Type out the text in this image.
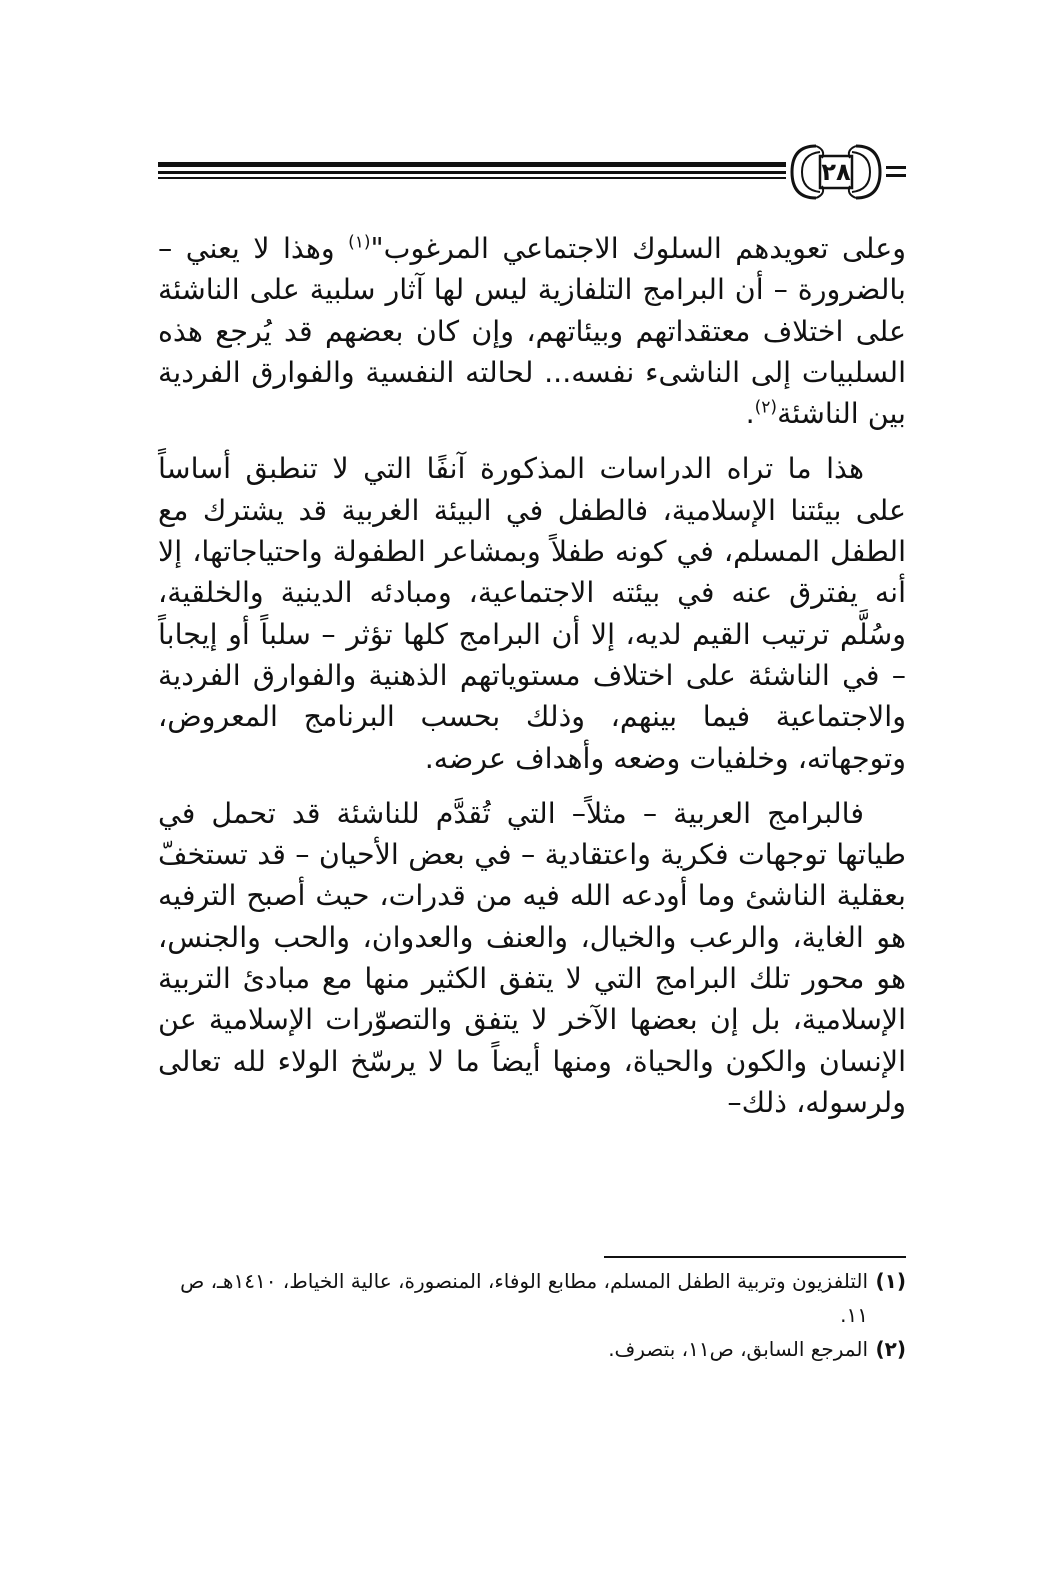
٢٨

وعلى تعويدهم السلوك الاجتماعي المرغوب"$^{(١)}$ وهذا لا يعني – بالضرورة – أن البرامج التلفازية ليس لها آثار سلبية على الناشئة على اختلاف معتقداتهم وبيئاتهم، وإن كان بعضهم قد يُرجع هذه السلبيات إلى الناشىء نفسه... لحالته النفسية والفوارق الفردية بين الناشئة$^{(٢)}$.

هذا ما تراه الدراسات المذكورة آنفًا التي لا تنطبق أساساً على بيئتنا الإسلامية، فالطفل في البيئة الغربية قد يشترك مع الطفل المسلم، في كونه طفلاً وبمشاعر الطفولة واحتياجاتها، إلا أنه يفترق عنه في بيئته الاجتماعية، ومبادئه الدينية والخلقية، وسُلَّم ترتيب القيم لديه، إلا أن البرامج كلها تؤثر – سلباً أو إيجاباً – في الناشئة على اختلاف مستوياتهم الذهنية والفوارق الفردية والاجتماعية فيما بينهم، وذلك بحسب البرنامج المعروض، وتوجهاته، وخلفيات وضعه وأهداف عرضه.

فالبرامج العربية – مثلاً– التي تُقدَّم للناشئة قد تحمل في طياتها توجهات فكرية واعتقادية – في بعض الأحيان – قد تستخفّ بعقلية الناشئ وما أودعه الله فيه من قدرات، حيث أصبح الترفيه هو الغاية، والرعب والخيال، والعنف والعدوان، والحب والجنس، هو محور تلك البرامج التي لا يتفق الكثير منها مع مبادئ التربية الإسلامية، بل إن بعضها الآخر لا يتفق والتصوّرات الإسلامية عن الإنسان والكون والحياة، ومنها أيضاً ما لا يرسّخ الولاء لله تعالى ولرسوله، ذلك–

(١)
التلفزيون وتربية الطفل المسلم، مطابع الوفاء، المنصورة، عالية الخياط، ١٤١٠هـ، ص ١١.
(٢)
المرجع السابق، ص١١، بتصرف.
